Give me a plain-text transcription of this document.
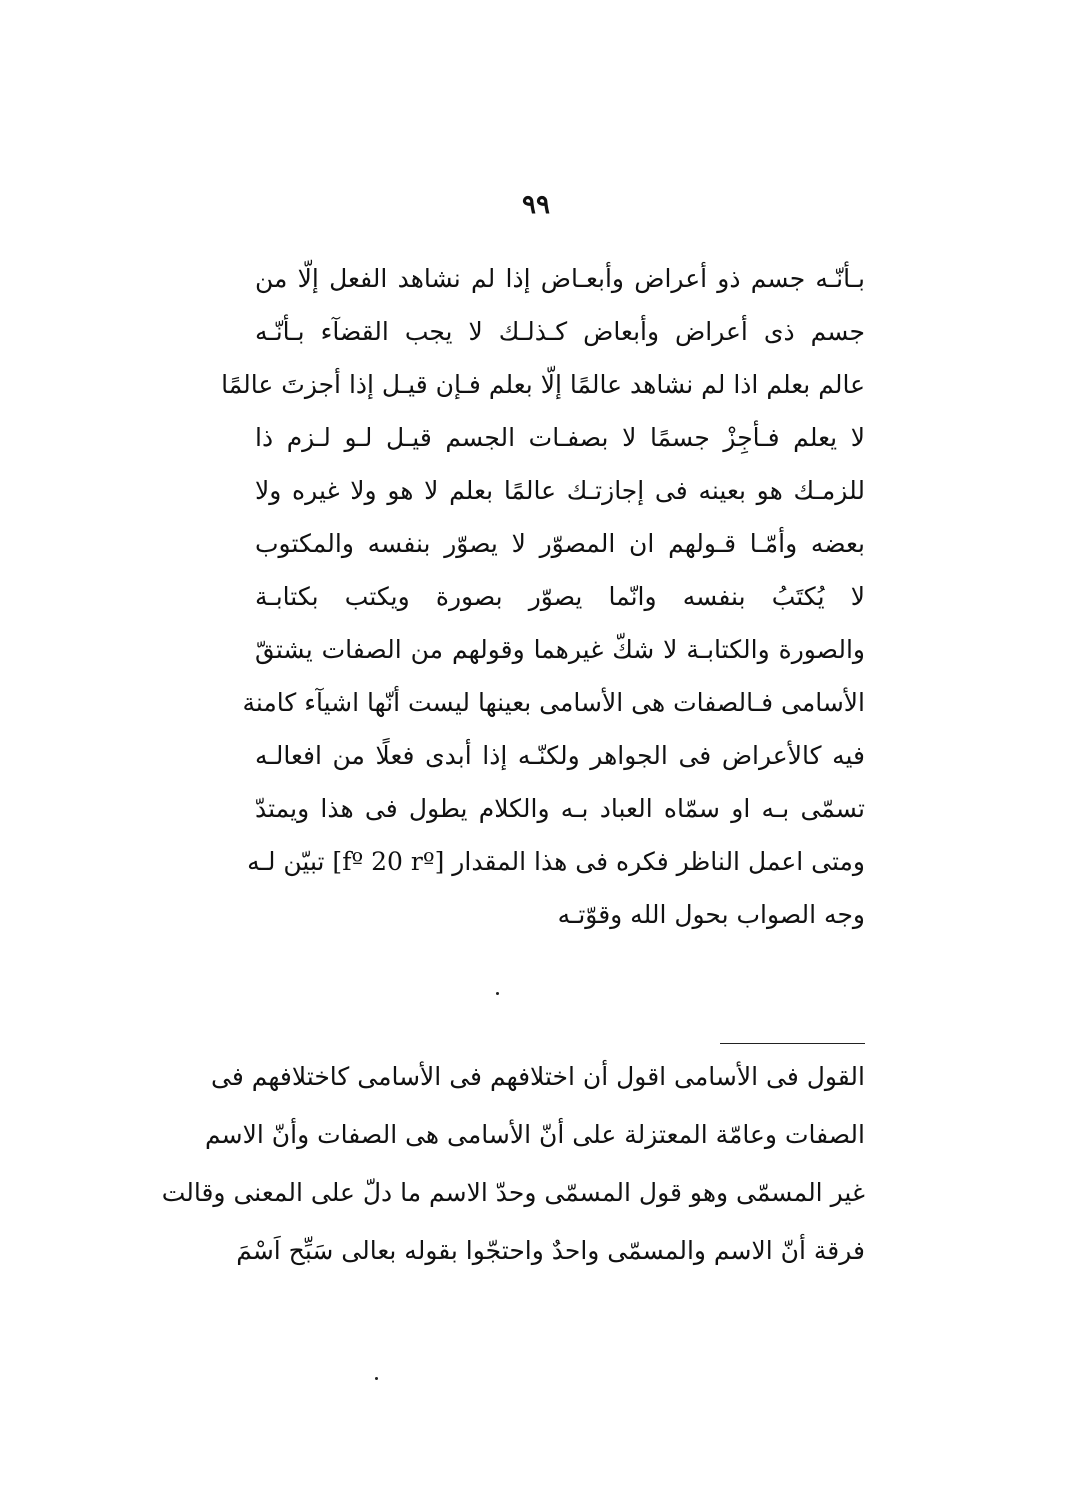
٩٩
بـأنّـه جسم ذو أعراض وأبعـاض إذا لم نشاهد الفعل إلّا من
جسم ذى أعراض وأبعاض كـذلـك لا يجب القضآء بـأنّـه
عالم بعلم اذا لم نشاهد عالمًا إلّا بعلم فـإن قيـل إذا أجزتَ عالمًا
لا يعلم فـأجِزْ جسمًا لا بصفـات الجسم قيـل لـو لـزم ذا
للزمـك هو بعينه فى إجازتـك عالمًا بعلم لا هو ولا غيره ولا
بعضه وأمّـا قـولهم ان المصوّر لا يصوّر بنفسه والمكتوب
لا يُكتَبُ بنفسه وانّما يصوّر بصورة ويكتب بكتابـة
والصورة والكتابـة لا شكّ غيرهما وقولهم من الصفات يشتقّ
الأسامى فـالصفات هى الأسامى بعينها ليست أنّها اشيآء كامنة
فيه كالأعراض فى الجواهر ولكنّـه إذا أبدى فعلًا من افعالـه
تسمّى بـه او سمّاه العباد بـه والكلام يطول فى هذا ويمتدّ
ومتى اعمل الناظر فكره فى هذا المقدار [fº 20 rº] تبيّن لـه
وجه الصواب بحول الله وقوّتـه
القول فى الأسامى اقول أن اختلافهم فى الأسامى كاختلافهم فى
الصفات وعامّة المعتزلة على أنّ الأسامى هى الصفات وأنّ الاسم
غير المسمّى وهو قول المسمّى وحدّ الاسم ما دلّ على المعنى وقالت
فرقة أنّ الاسم والمسمّى واحدٌ واحتجّوا بقوله بعالى سَبِّح اَسْمَ
